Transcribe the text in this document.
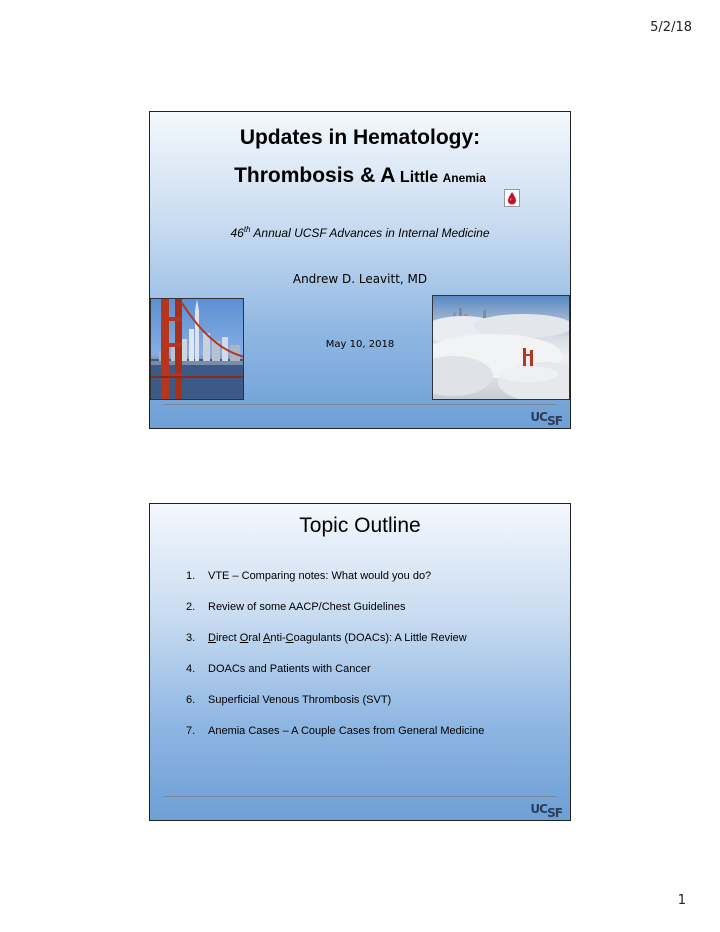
5/2/18
Updates in Hematology:
Thrombosis & A Little Anemia
46th Annual UCSF Advances in Internal Medicine
Andrew D. Leavitt, MD
May 10, 2018
UCSF
Topic Outline
1.	VTE – Comparing notes: What would you do?
2.	Review of some AACP/Chest Guidelines
3.	Direct Oral Anti-Coagulants (DOACs): A Little Review
4.	DOACs and Patients with Cancer
6.	Superficial Venous Thrombosis (SVT)
7.	Anemia Cases – A Couple Cases from General Medicine
UCSF
1
